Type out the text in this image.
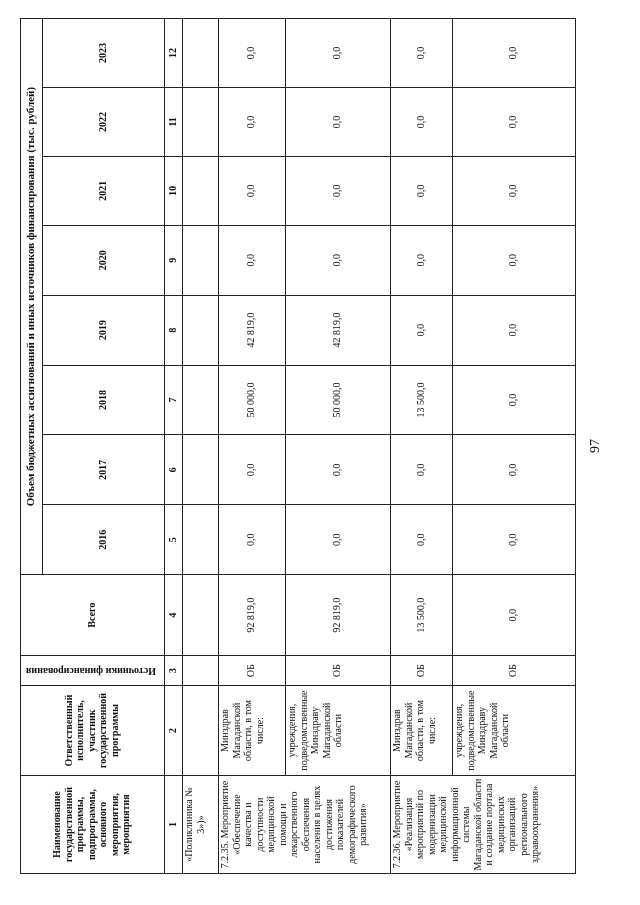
Наименование государственной программы, подпрограммы, основного мероприятия, мероприятия	Ответственный исполнитель, участник государственной программы	Источники финансирования	Всего	Объем бюджетных ассигнований и иных источников финансирования (тыс. рублей)							
				2016	2017	2018	2019	2020	2021	2022	2023
1	2	3	4	5	6	7	8	9	10	11	12
«Поликлиника № 3»)»											
7.2.35. Мероприятие «Обеспечение качества и доступности медицинской помощи и лекарственного обеспечения населения в целях достижения показателей демографического развития»	Минздрав Магаданской области, в том числе:	ОБ	92 819,0	0,0	0,0	50 000,0	42 819,0	0,0	0,0	0,0	0,0
	учреждения, подведомственные Минздраву Магаданской области	ОБ	92 819,0	0,0	0,0	50 000,0	42 819,0	0,0	0,0	0,0	0,0
7.2.36. Мероприятие «Реализация мероприятий по модернизации медицинской информационной системы Магаданской области и создание портала медицинских организаций регионального здравоохранения»	Минздрав Магаданской области, в том числе:	ОБ	13 500,0	0,0	0,0	13 500,0	0,0	0,0	0,0	0,0	0,0
	учреждения, подведомственные Минздраву Магаданской области	ОБ	0,0	0,0	0,0	0,0	0,0	0,0	0,0	0,0	0,0
97
